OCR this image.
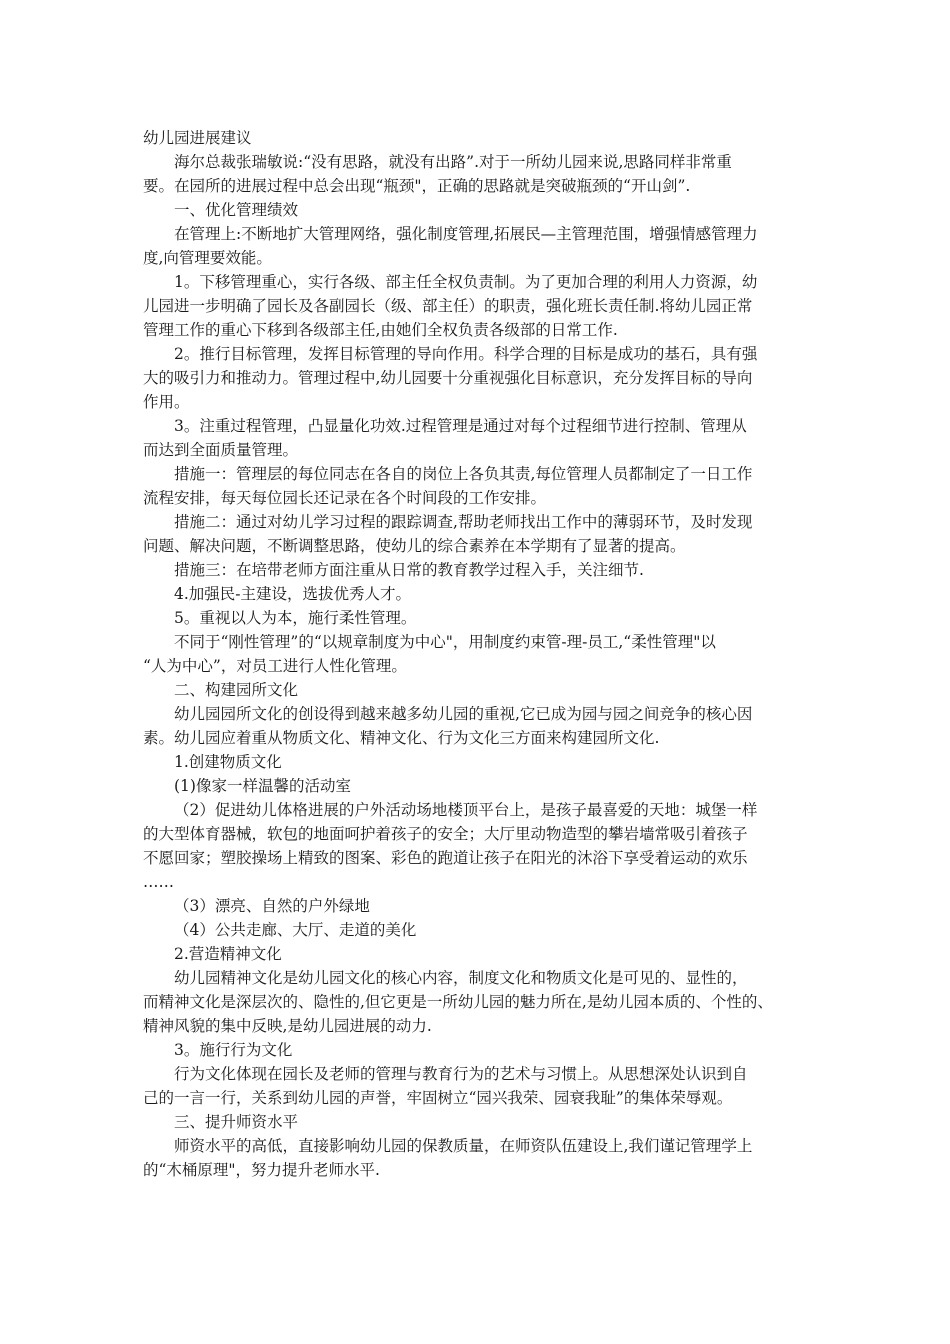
幼儿园进展建议

海尔总裁张瑞敏说:“没有思路，就没有出路”.对于一所幼儿园来说,思路同样非常重
要。在园所的进展过程中总会出现“瓶颈"，正确的思路就是突破瓶颈的“开山剑”.
一、优化管理绩效
在管理上:不断地扩大管理网络，强化制度管理,拓展民—主管理范围，增强情感管理力
度,向管理要效能。
1。下移管理重心，实行各级、部主任全权负责制。为了更加合理的利用人力资源，幼
儿园进一步明确了园长及各副园长（级、部主任）的职责，强化班长责任制.将幼儿园正常
管理工作的重心下移到各级部主任,由她们全权负责各级部的日常工作.
2。推行目标管理，发挥目标管理的导向作用。科学合理的目标是成功的基石，具有强
大的吸引力和推动力。管理过程中,幼儿园要十分重视强化目标意识，充分发挥目标的导向
作用。
3。注重过程管理，凸显量化功效.过程管理是通过对每个过程细节进行控制、管理从
而达到全面质量管理。
措施一：管理层的每位同志在各自的岗位上各负其责,每位管理人员都制定了一日工作
流程安排，每天每位园长还记录在各个时间段的工作安排。
措施二：通过对幼儿学习过程的跟踪调查,帮助老师找出工作中的薄弱环节，及时发现
问题、解决问题，不断调整思路，使幼儿的综合素养在本学期有了显著的提高。
措施三：在培带老师方面注重从日常的教育教学过程入手，关注细节.
4.加强民-主建设，选拔优秀人才。
5。重视以人为本，施行柔性管理。
不同于“刚性管理”的“以规章制度为中心"，用制度约束管-理-员工,“柔性管理"以
“人为中心”，对员工进行人性化管理。
二、构建园所文化
幼儿园园所文化的创设得到越来越多幼儿园的重视,它已成为园与园之间竞争的核心因
素。幼儿园应着重从物质文化、精神文化、行为文化三方面来构建园所文化.
1.创建物质文化
(1)像家一样温馨的活动室
（2）促进幼儿体格进展的户外活动场地楼顶平台上，是孩子最喜爱的天地：城堡一样
的大型体育器械，软包的地面呵护着孩子的安全；大厅里动物造型的攀岩墙常吸引着孩子
不愿回家；塑胶操场上精致的图案、彩色的跑道让孩子在阳光的沐浴下享受着运动的欢乐
……
（3）漂亮、自然的户外绿地
（4）公共走廊、大厅、走道的美化
2.营造精神文化
幼儿园精神文化是幼儿园文化的核心内容，制度文化和物质文化是可见的、显性的，
而精神文化是深层次的、隐性的,但它更是一所幼儿园的魅力所在,是幼儿园本质的、个性的、
精神风貌的集中反映,是幼儿园进展的动力.
3。施行行为文化
行为文化体现在园长及老师的管理与教育行为的艺术与习惯上。从思想深处认识到自
己的一言一行，关系到幼儿园的声誉，牢固树立“园兴我荣、园衰我耻”的集体荣辱观。
三、提升师资水平
师资水平的高低，直接影响幼儿园的保教质量，在师资队伍建设上,我们谨记管理学上
的“木桶原理"，努力提升老师水平.
